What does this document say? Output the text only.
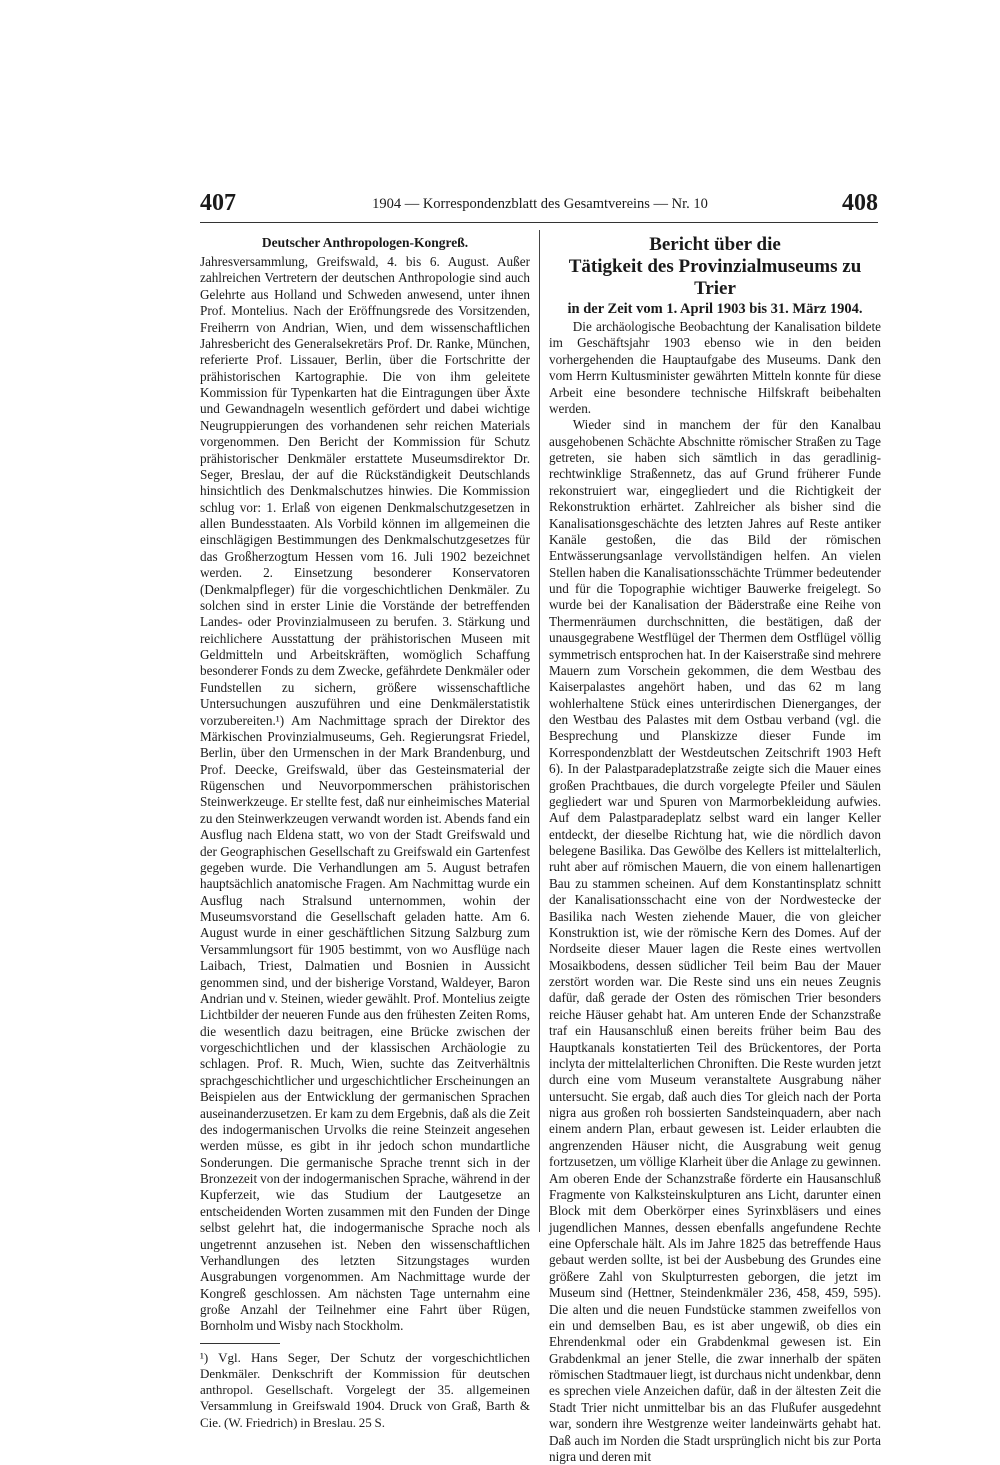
407	1904 — Korrespondenzblatt des Gesamtvereins — Nr. 10	408
Deutscher Anthropologen-Kongreß.

Jahresversammlung, Greifswald, 4. bis 6. August. Außer zahlreichen Vertretern der deutschen Anthropologie sind auch Gelehrte aus Holland und Schweden anwesend, unter ihnen Prof. Montelius. Nach der Eröffnungsrede des Vorsitzenden, Freiherrn von Andrian, Wien, und dem wissenschaftlichen Jahresbericht des Generalsekretärs Prof. Dr. Ranke, München, referierte Prof. Lissauer, Berlin, über die Fortschritte der prähistorischen Kartographie. Die von ihm geleitete Kommission für Typenkarten hat die Eintragungen über Äxte und Gewandnageln wesentlich gefördert und dabei wichtige Neugruppierungen des vorhandenen sehr reichen Materials vorgenommen. Den Bericht der Kommission für Schutz prähistorischer Denkmäler erstattete Museumsdirektor Dr. Seger, Breslau, der auf die Rückständigkeit Deutschlands hinsichtlich des Denkmalschutzes hinwies. Die Kommission schlug vor: 1. Erlaß von eigenen Denkmalschutzgesetzen in allen Bundesstaaten. Als Vorbild können im allgemeinen die einschlägigen Bestimmungen des Denkmalschutzgesetzes für das Großherzogtum Hessen vom 16. Juli 1902 bezeichnet werden. 2. Einsetzung besonderer Konservatoren (Denkmalpfleger) für die vorgeschichtlichen Denkmäler. Zu solchen sind in erster Linie die Vorstände der betreffenden Landes- oder Provinzialmuseen zu berufen. 3. Stärkung und reichlichere Ausstattung der prähistorischen Museen mit Geldmitteln und Arbeitskräften, womöglich Schaffung besonderer Fonds zu dem Zwecke, gefährdete Denkmäler oder Fundstellen zu sichern, größere wissenschaftliche Untersuchungen auszuführen und eine Denkmälerstatistik vorzubereiten.¹) Am Nachmittage sprach der Direktor des Märkischen Provinzialmuseums, Geh. Regierungsrat Friedel, Berlin, über den Urmenschen in der Mark Brandenburg, und Prof. Deecke, Greifswald, über das Gesteinsmaterial der Rügenschen und Neuvorpommerschen prähistorischen Steinwerkzeuge. Er stellte fest, daß nur einheimisches Material zu den Steinwerkzeugen verwandt worden ist. Abends fand ein Ausflug nach Eldena statt, wo von der Stadt Greifswald und der Geographischen Gesellschaft zu Greifswald ein Gartenfest gegeben wurde. Die Verhandlungen am 5. August betrafen hauptsächlich anatomische Fragen. Am Nachmittag wurde ein Ausflug nach Stralsund unternommen, wohin der Museumsvorstand die Gesellschaft geladen hatte. Am 6. August wurde in einer geschäftlichen Sitzung Salzburg zum Versammlungsort für 1905 bestimmt, von wo Ausflüge nach Laibach, Triest, Dalmatien und Bosnien in Aussicht genommen sind, und der bisherige Vorstand, Waldeyer, Baron Andrian und v. Steinen, wieder gewählt. Prof. Montelius zeigte Lichtbilder der neueren Funde aus den frühesten Zeiten Roms, die wesentlich dazu beitragen, eine Brücke zwischen der vorgeschichtlichen und der klassischen Archäologie zu schlagen. Prof. R. Much, Wien, suchte das Zeitverhältnis sprachgeschichtlicher und urgeschichtlicher Erscheinungen an Beispielen aus der Entwicklung der germanischen Sprachen auseinanderzusetzen. Er kam zu dem Ergebnis, daß als die Zeit des indogermanischen Urvolks die reine Steinzeit angesehen werden müsse, es gibt in ihr jedoch schon mundartliche Sonderungen. Die germanische Sprache trennt sich in der Bronzezeit von der indogermanischen Sprache, während in der Kupferzeit, wie das Studium der Lautgesetze an entscheidenden Worten zusammen mit den Funden der Dinge selbst gelehrt hat, die indogermanische Sprache noch als ungetrennt anzusehen ist. Neben den wissenschaftlichen Verhandlungen des letzten Sitzungstages wurden Ausgrabungen vorgenommen. Am Nachmittage wurde der Kongreß geschlossen. Am nächsten Tage unternahm eine große Anzahl der Teilnehmer eine Fahrt über Rügen, Bornholm und Wisby nach Stockholm.

¹) Vgl. Hans Seger, Der Schutz der vorgeschichtlichen Denkmäler. Denkschrift der Kommission für deutschen anthropol. Gesellschaft. Vorgelegt der 35. allgemeinen Versammlung in Greifswald 1904. Druck von Graß, Barth & Cie. (W. Friedrich) in Breslau. 25 S.

Bericht über die
Tätigkeit des Provinzialmuseums zu Trier
in der Zeit vom 1. April 1903 bis 31. März 1904.

Die archäologische Beobachtung der Kanalisation bildete im Geschäftsjahr 1903 ebenso wie in den beiden vorhergehenden die Hauptaufgabe des Museums. Dank den vom Herrn Kultusminister gewährten Mitteln konnte für diese Arbeit eine besondere technische Hilfskraft beibehalten werden.

Wieder sind in manchem der für den Kanalbau ausgehobenen Schächte Abschnitte römischer Straßen zu Tage getreten, sie haben sich sämtlich in das geradlinig-rechtwinklige Straßennetz, das auf Grund früherer Funde rekonstruiert war, eingegliedert und die Richtigkeit der Rekonstruktion erhärtet. Zahlreicher als bisher sind die Kanalisationsgeschächte des letzten Jahres auf Reste antiker Kanäle gestoßen, die das Bild der römischen Entwässerungsanlage vervollständigen helfen. An vielen Stellen haben die Kanalisationsschächte Trümmer bedeutender und für die Topographie wichtiger Bauwerke freigelegt. So wurde bei der Kanalisation der Bäderstraße eine Reihe von Thermenräumen durchschnitten, die bestätigen, daß der unausgegrabene Westflügel der Thermen dem Ostflügel völlig symmetrisch entsprochen hat. In der Kaiserstraße sind mehrere Mauern zum Vorschein gekommen, die dem Westbau des Kaiserpalastes angehört haben, und das 62 m lang wohlerhaltene Stück eines unterirdischen Dienerganges, der den Westbau des Palastes mit dem Ostbau verband (vgl. die Besprechung und Planskizze dieser Funde im Korrespondenzblatt der Westdeutschen Zeitschrift 1903 Heft 6). In der Palastparadeplatzstraße zeigte sich die Mauer eines großen Prachtbaues, die durch vorgelegte Pfeiler und Säulen gegliedert war und Spuren von Marmorbekleidung aufwies. Auf dem Palastparadeplatz selbst ward ein langer Keller entdeckt, der dieselbe Richtung hat, wie die nördlich davon belegene Basilika. Das Gewölbe des Kellers ist mittelalterlich, ruht aber auf römischen Mauern, die von einem hallenartigen Bau zu stammen scheinen. Auf dem Konstantinsplatz schnitt der Kanalisationsschacht eine von der Nordwestecke der Basilika nach Westen ziehende Mauer, die von gleicher Konstruktion ist, wie der römische Kern des Domes. Auf der Nordseite dieser Mauer lagen die Reste eines wertvollen Mosaikbodens, dessen südlicher Teil beim Bau der Mauer zerstört worden war. Die Reste sind uns ein neues Zeugnis dafür, daß gerade der Osten des römischen Trier besonders reiche Häuser gehabt hat. Am unteren Ende der Schanzstraße traf ein Hausanschluß einen bereits früher beim Bau des Hauptkanals konstatierten Teil des Brückentores, der Porta inclyta der mittelalterlichen Chroniften. Die Reste wurden jetzt durch eine vom Museum veranstaltete Ausgrabung näher untersucht. Sie ergab, daß auch dies Tor gleich nach der Porta nigra aus großen roh bossierten Sandsteinquadern, aber nach einem andern Plan, erbaut gewesen ist. Leider erlaubten die angrenzenden Häuser nicht, die Ausgrabung weit genug fortzusetzen, um völlige Klarheit über die Anlage zu gewinnen. Am oberen Ende der Schanzstraße förderte ein Hausanschluß Fragmente von Kalksteinskulpturen ans Licht, darunter einen Block mit dem Oberkörper eines Syrinxbläsers und eines jugendlichen Mannes, dessen ebenfalls angefundene Rechte eine Opferschale hält. Als im Jahre 1825 das betreffende Haus gebaut werden sollte, ist bei der Ausbebung des Grundes eine größere Zahl von Skulpturresten geborgen, die jetzt im Museum sind (Hettner, Steindenkmäler 236, 458, 459, 595). Die alten und die neuen Fundstücke stammen zweifellos von ein und demselben Bau, es ist aber ungewiß, ob dies ein Ehrendenkmal oder ein Grabdenkmal gewesen ist. Ein Grabdenkmal an jener Stelle, die zwar innerhalb der späten römischen Stadtmauer liegt, ist durchaus nicht undenkbar, denn es sprechen viele Anzeichen dafür, daß in der ältesten Zeit die Stadt Trier nicht unmittelbar bis an das Flußufer ausgedehnt war, sondern ihre Westgrenze weiter landeinwärts gehabt hat. Daß auch im Norden die Stadt ursprünglich nicht bis zur Porta nigra und deren mit
